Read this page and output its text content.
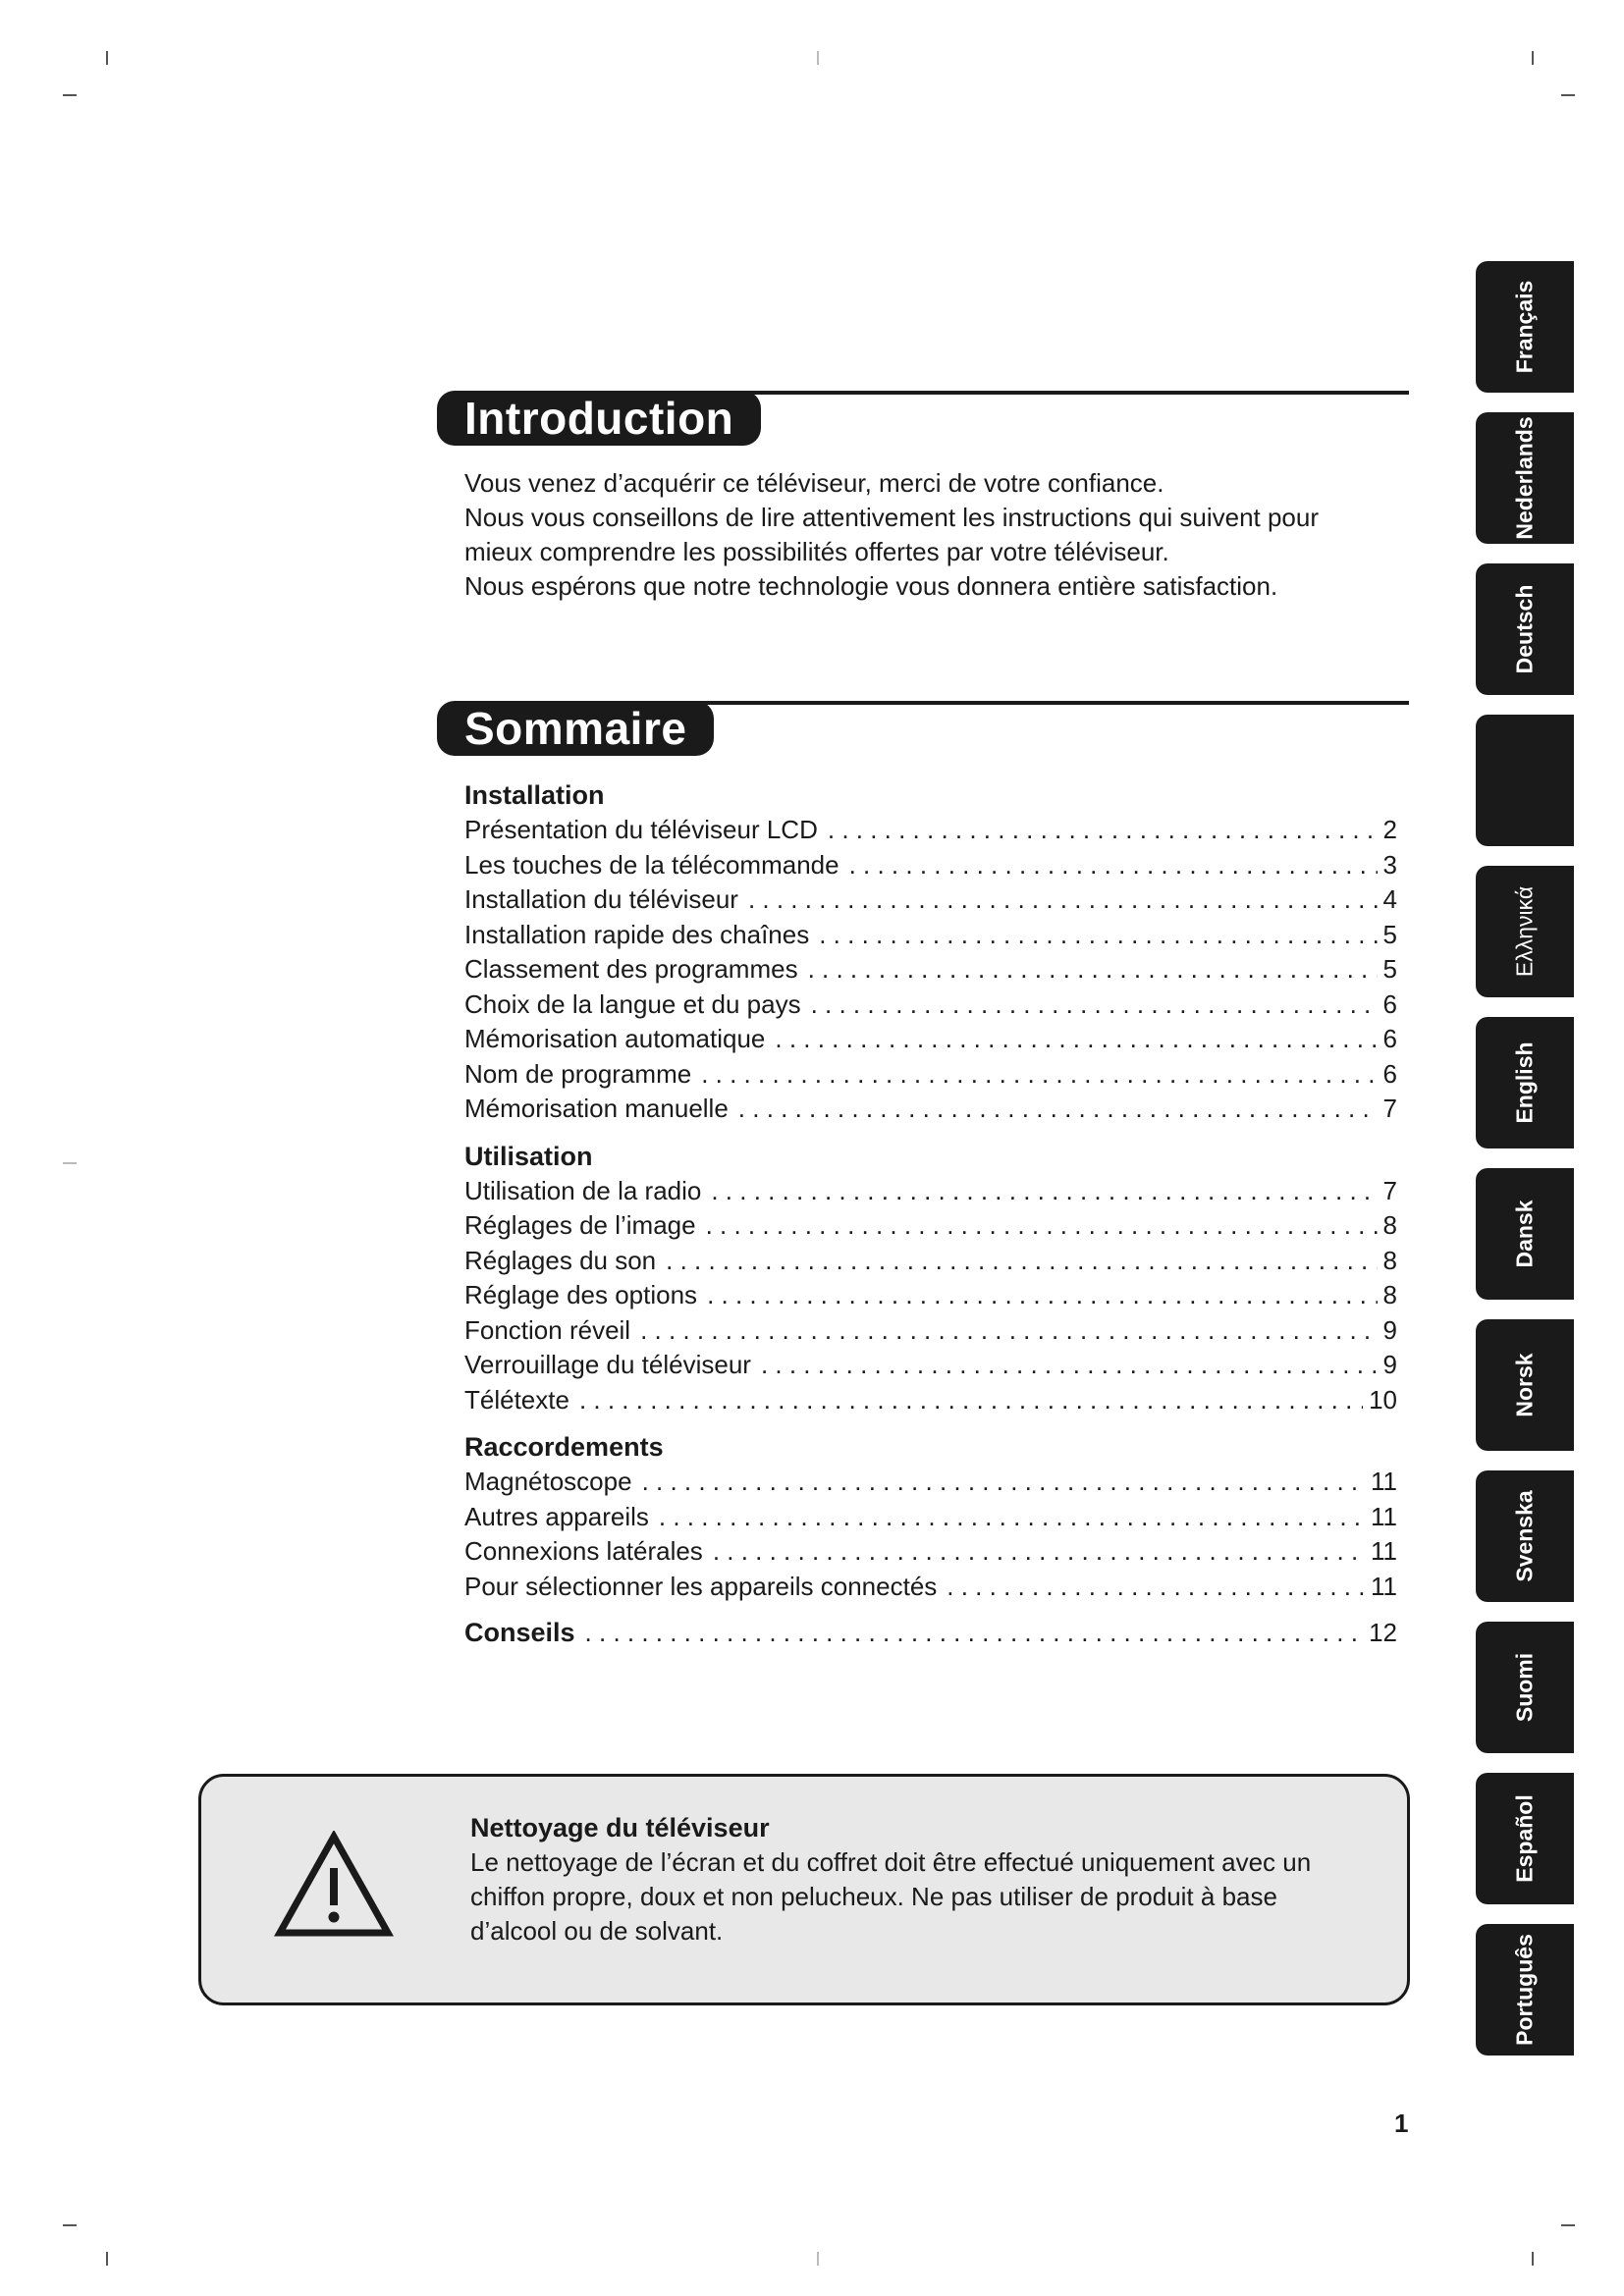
Introduction

Vous venez d’acquérir ce téléviseur, merci de votre confiance.

Nous vous conseillons de lire attentivement les instructions qui suivent pour

mieux comprendre les possibilités offertes par votre téléviseur.

Nous espérons que notre technologie vous donnera entière satisfaction.

Sommaire
Installation
Présentation du téléviseur LCD . . .	2
Les touches de la télécommande . . .	3
Installation du téléviseur . . .	4
Installation rapide des chaînes . . .	5
Classement des programmes . . .	5
Choix de la langue et du pays . . .	6
Mémorisation automatique . . .	6
Nom de programme . . .	6
Mémorisation manuelle . . .	7
Utilisation
Utilisation de la radio . . .	7
Réglages de l’image . . .	8
Réglages du son . . .	8
Réglage des options . . .	8
Fonction réveil . . .	9
Verrouillage du téléviseur . . .	9
Télétexte . . .	10
Raccordements
Magnétoscope . . .	11
Autres appareils . . .	11
Connexions latérales . . .	11
Pour sélectionner les appareils connectés . . .	11
Conseils . . .	12
Nettoyage du téléviseur

Le nettoyage de l’écran et du coffret doit être effectué uniquement avec un

chiffon propre, doux et non pelucheux. Ne pas utiliser de produit à base

d’alcool ou de solvant.

Français
Nederlands
Deutsch
Ελληνικά
English
Dansk
Norsk
Svenska
Suomi
Español
Português
1
